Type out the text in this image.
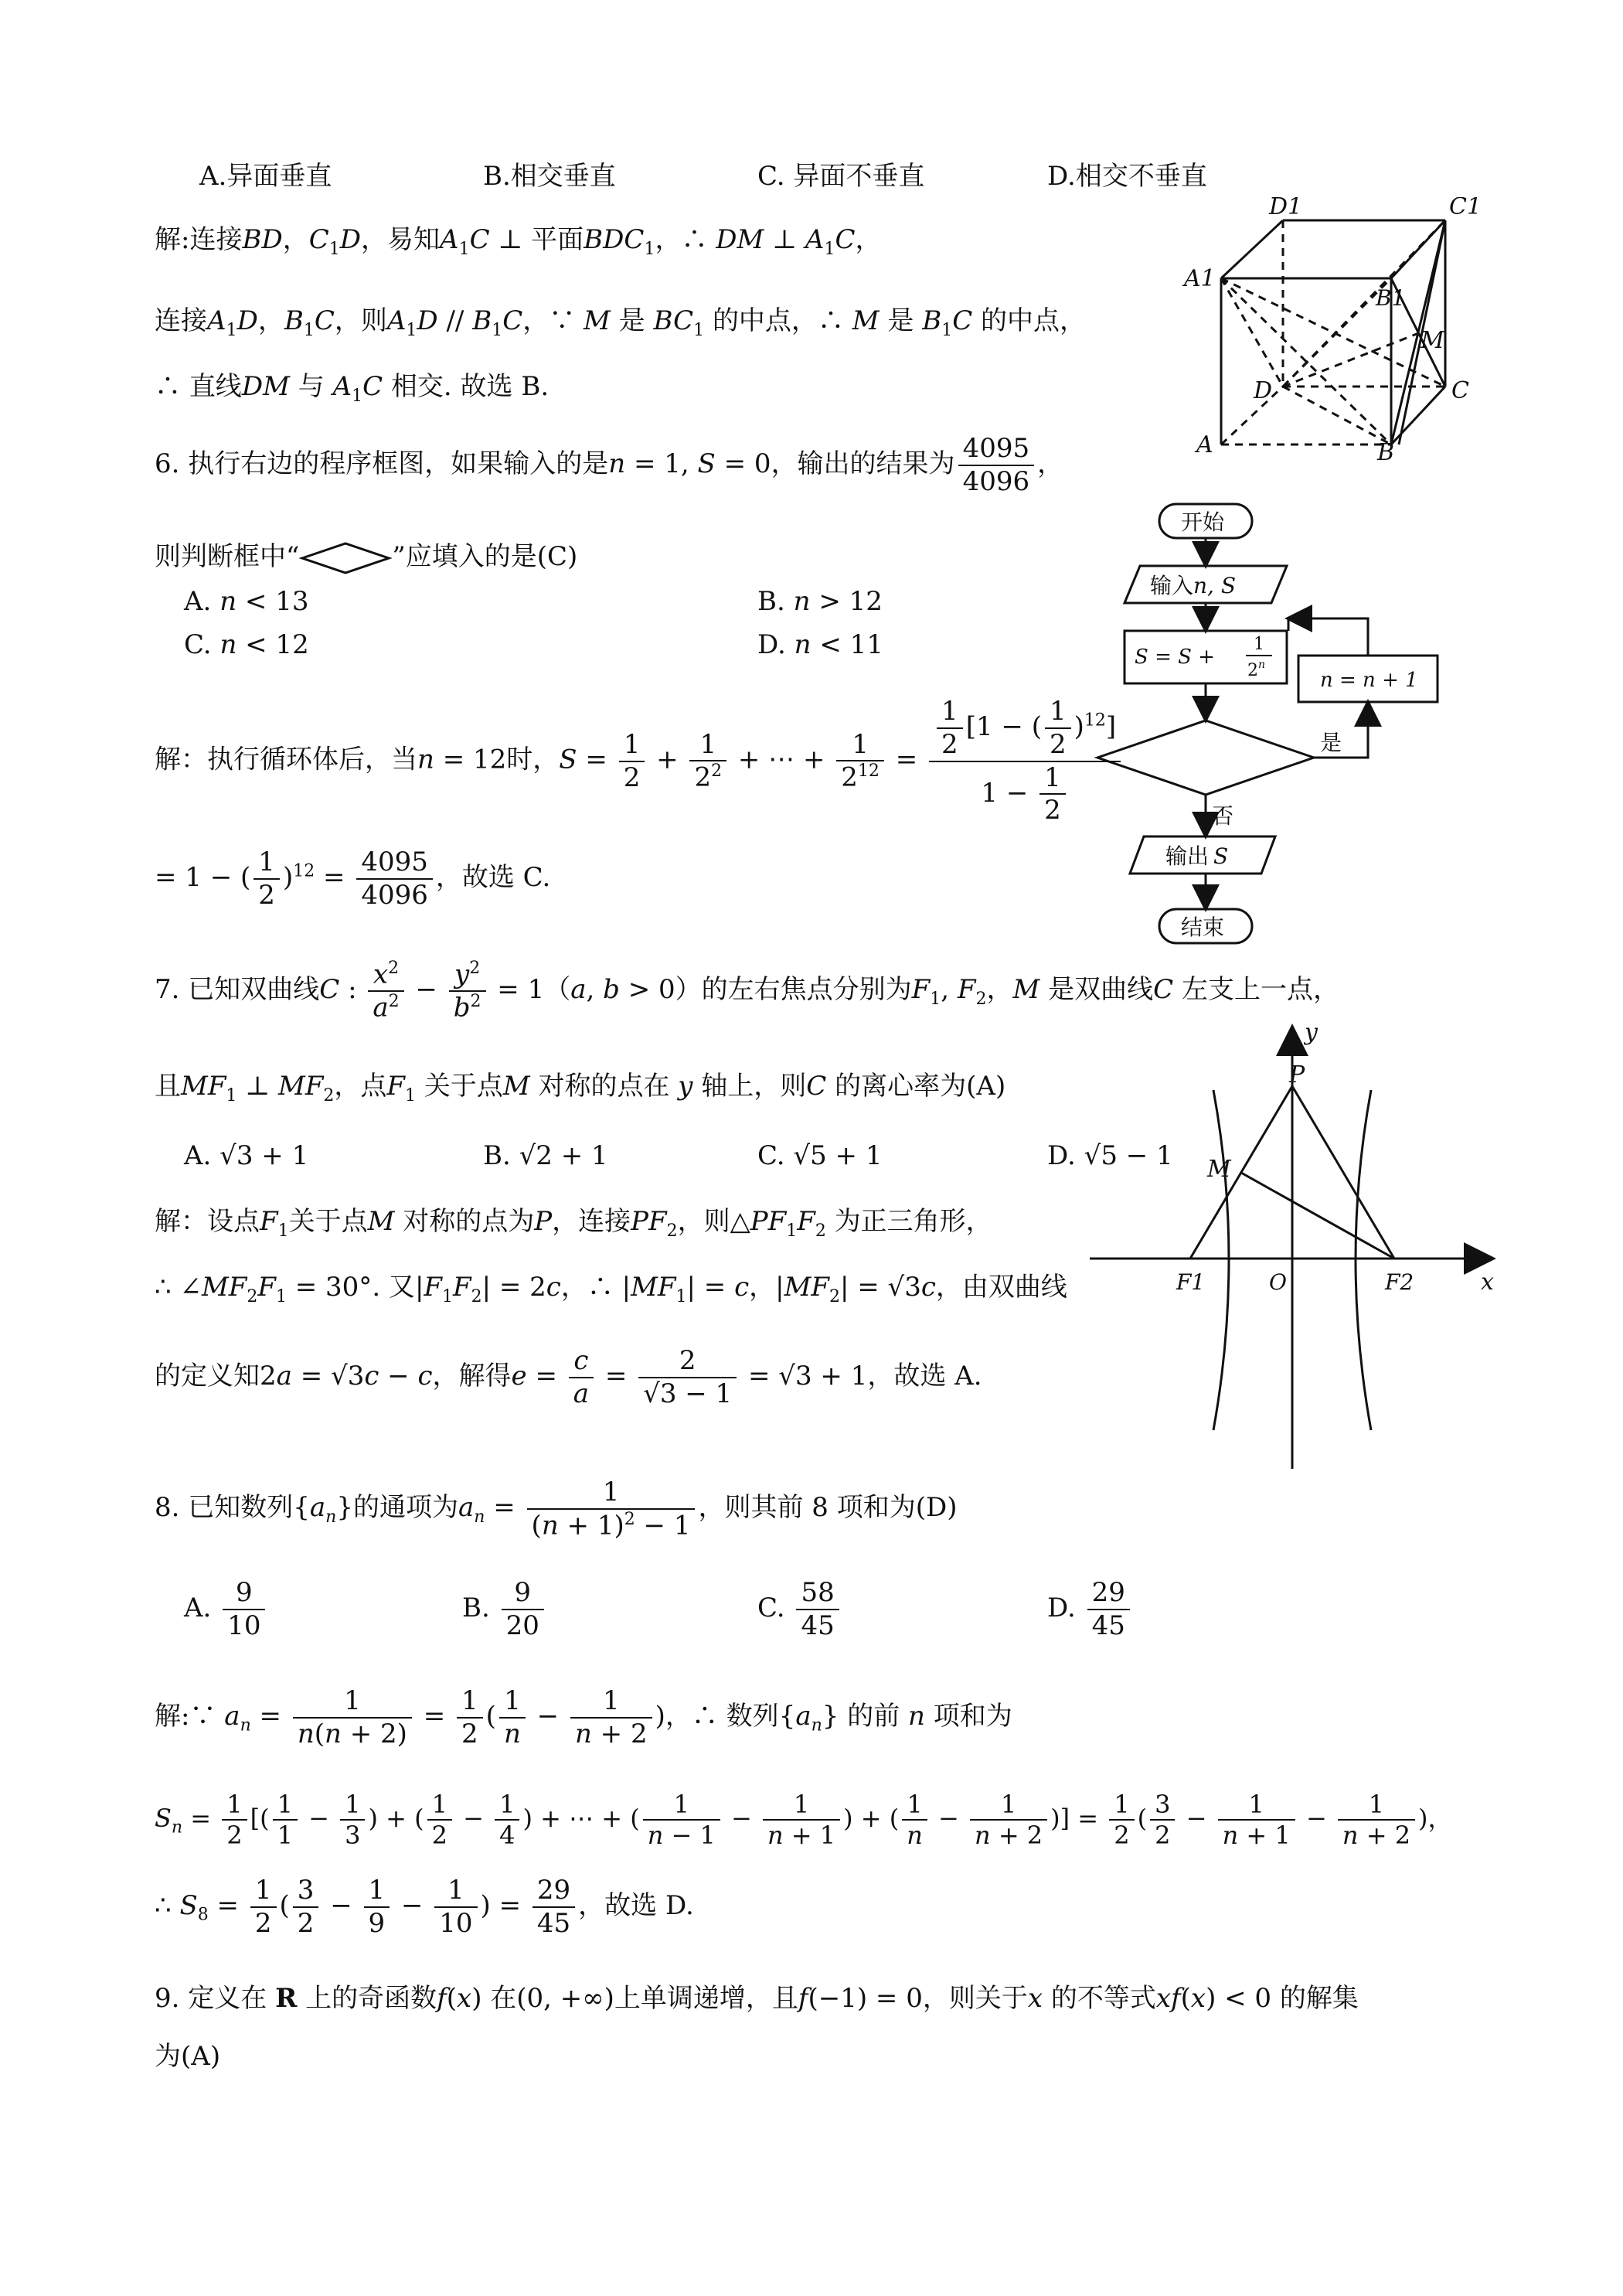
A.异面垂直	B.相交垂直	C. 异面不垂直	D.相交不垂直
解:连接BD，$C_1D$，易知$A_1C$ ⊥ 平面$BDC_1$，∴ DM ⊥ $A_1C$，
连接$A_1D$，$B_1C$，则$A_1D // B_1C$，∵ M 是 $BC_1$ 的中点，∴ M 是 $B_1C$ 的中点，
∴ 直线DM 与 $A_1C$ 相交. 故选 B.
D1	C1
A1
B1
M
D	C
A	B
6. 执行右边的程序框图，如果输入的是n = 1, S = 0，输出的结果为 $\frac{4095}{4096}$ ，
则判断框中“	”应填入的是(C)
A. n < 13	B. n > 12
C. n < 12	D. n < 11
解：执行循环体后，当n = 12时，$S = \frac{1}{2} + \frac{1}{2^2}$ + ⋯ + $\frac{1}{2^{12}} = \frac{\frac{1}{2} [1 - ( \frac{1}{2} )^{12}]}{1 - \frac{1}{2}}$
= 1 − ( $\frac{1}{2} )^{12} = \frac{4095}{4096}$ ，故选 C.
开始
输入n, S
S = S +
1
2$^n$
n = n + 1
是
否
输出 S
结束
7. 已知双曲线C : $\frac{x^2}{a^2} - \frac{y^2}{b^2} = 1(a$, b > 0）的左右焦点分别为$F_1$, $F_2$，M 是双曲线C 左支上一点，
且$MF_1$ ⊥ $MF_2$，点$F_1$ 关于点M 对称的点在 y 轴上，则C 的离心率为(A)
A. √3 + 1	B. √2 + 1	C. √5 + 1	D. √5 − 1
解：设点$F_1$关于点M 对称的点为P，连接$PF_2$，则$\triangle PF_1F_2$ 为正三角形，
∴ $\angle MF_2F_1 = 30^\circ$. 又$|F_1F_2| = 2c$，∴ $|MF_1| = c$，$|MF_2| = √3c$，由双曲线
的定义知2a = √3c − c，解得$e = \frac{c}{a} = \frac{2}{√3 - 1} = √3 + 1$，故选 A.
y
P
M
F1	O	F2	x
8. 已知数列$\{a_n\}$的通项为$a_n = \frac{1}{(n + 1)^2 - 1}$ ，则其前 8 项和为(D)
A. $\frac{9}{10}$	B. $\frac{9}{20}$	C. $\frac{58}{45}$	D. $\frac{29}{45}$
解:∵ $a_n = \frac{1}{n(n + 2)} = \frac{1}{2}$ ( $\frac{1}{n} - \frac{1}{n + 2}$ )，∴ 数列$\{a_n\}$ 的前 n 项和为
$S_n = \frac{1}{2}$ [( $\frac{1}{1} - \frac{1}{3}$ ) + ( $\frac{1}{2} - \frac{1}{4}$ ) + ⋯ + ( $\frac{1}{n - 1} - \frac{1}{n + 1}$ ) + ( $\frac{1}{n} - \frac{1}{n + 2}$ )] = $\frac{1}{2}$ ( $\frac{3}{2} - \frac{1}{n + 1} - \frac{1}{n + 2}$ )，
∴ $S_8 = \frac{1}{2}$ ( $\frac{3}{2} - \frac{1}{9} - \frac{1}{10}$ ) = $\frac{29}{45}$ ，故选 D.
9. 定义在 R 上的奇函数f(x) 在(0, +∞)上单调递增，且f(−1) = 0，则关于x 的不等式xf(x) < 0 的解集
为(A)
